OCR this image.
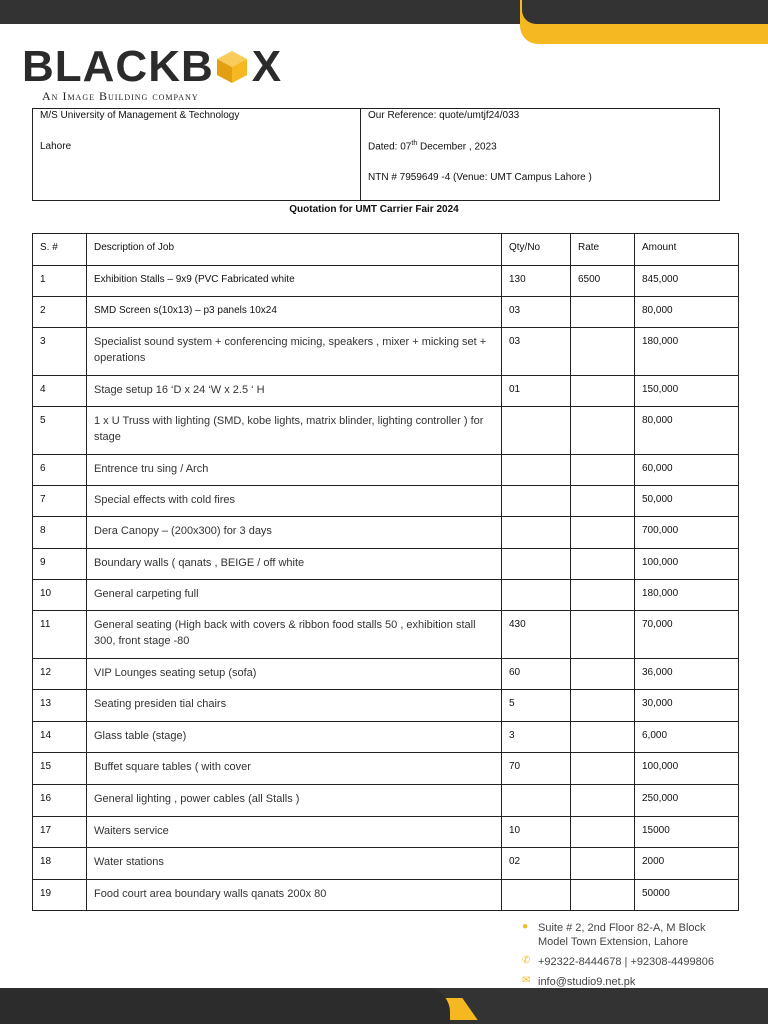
BLACKB X
An Image Building company
M/S University of Management & Technology
Lahore
Our Reference: quote/umtjf24/033
Dated: 07th December , 2023
NTN # 7959649 -4 (Venue: UMT Campus Lahore )
Quotation for UMT Carrier Fair 2024
S. #	Description of Job	Qty/No	Rate	Amount
1	Exhibition Stalls – 9x9 (PVC Fabricated white	130	6500	845,000
2	SMD Screen s(10x13) – p3 panels 10x24	03		80,000
3	Specialist sound system + conferencing micing, speakers , mixer + micking set + operations	03		180,000
4	Stage setup 16 ‘D x 24 ‘W x 2.5 ‘ H	01		150,000
5	1 x U Truss with lighting (SMD, kobe lights, matrix blinder, lighting controller ) for stage			80,000
6	Entrence tru sing / Arch			60,000
7	Special effects with cold fires			50,000
8	Dera Canopy – (200x300) for 3 days			700,000
9	Boundary walls ( qanats , BEIGE / off white			100,000
10	General carpeting full			180,000
11	General seating (High back with covers & ribbon food stalls 50 , exhibition stall 300, front stage -80	430		70,000
12	VIP Lounges seating setup (sofa)	60		36,000
13	Seating presiden tial chairs	5		30,000
14	Glass table (stage)	3		6,000
15	Buffet square tables ( with cover	70		100,000
16	General lighting , power cables (all Stalls )			250,000
17	Waiters service	10		15000
18	Water stations	02		2000
19	Food court area boundary walls qanats 200x 80			50000
● Suite # 2, 2nd Floor 82-A, M Block
Model Town Extension, Lahore
✆ +92322-8444678 | +92308-4499806
✉ info@studio9.net.pk
